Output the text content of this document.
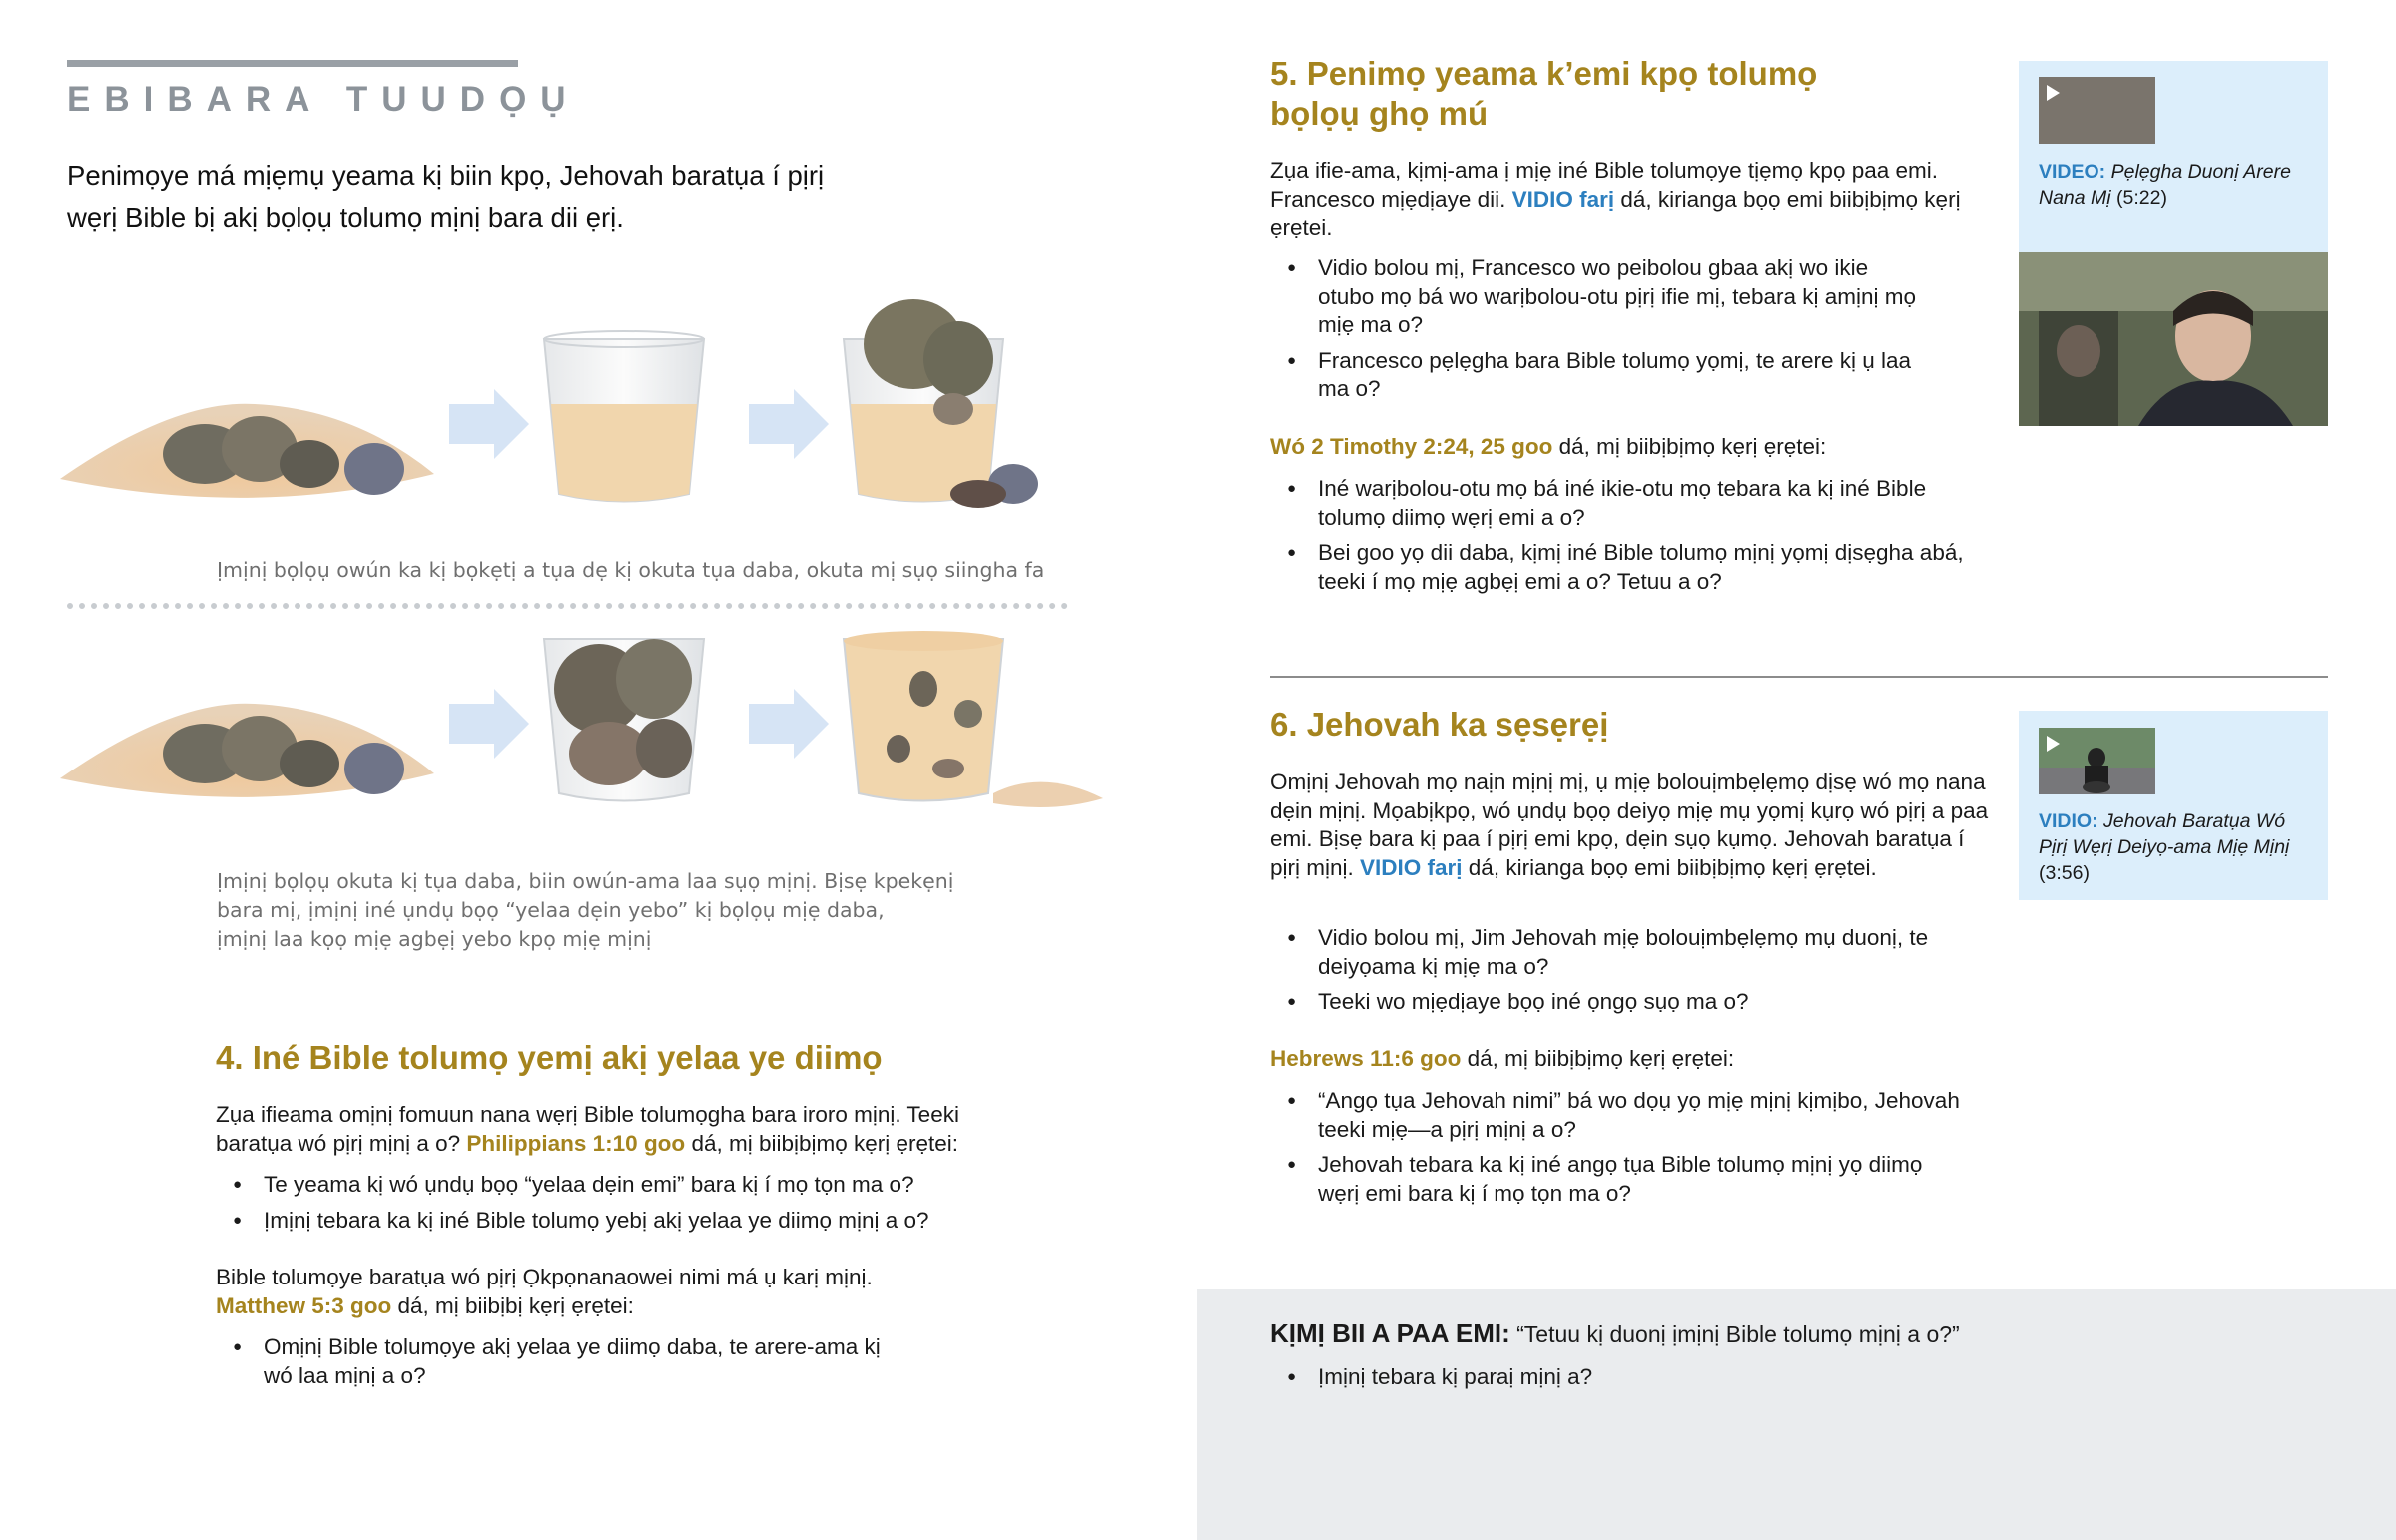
EBIBARA TUUDỌỤ
Penimọye má mịẹmụ yeama kị biin kpọ, Jehovah baratụa í pịrị wẹrị Bible bị akị bọlọụ tolumọ mịnị bara dii ẹrị.
Ịmịnị bọlọụ owún ka kị bọkẹtị a tụa dẹ kị okuta tụa daba, okuta mị sụọ siingha fa
Ịmịnị bọlọụ okuta kị tụa daba, biin owún-ama laa sụọ mịnị. Bịsẹ kpekẹnị
bara mị, ịmịnị iné ụndụ bọọ “yelaa dẹin yebo” kị bọlọụ mịẹ daba,
ịmịnị laa kọọ mịẹ agbẹị yebo kpọ mịẹ mịnị
4. Iné Bible tolumọ yemị akị yelaa ye diimọ
Zụa ifieama omịnị fomuun nana wẹrị Bible tolumọgha bara iroro mịnị. Teeki baratụa wó pịrị mịnị a o? Philippians 1:10 goo dá, mị biibịbịmọ kẹrị ẹrẹtei:
● Te yeama kị wó ụndụ bọọ “yelaa dẹin emi” bara kị í mọ tọn ma o?
● Ịmịnị tebara ka kị iné Bible tolumọ yebị akị yelaa ye diimọ mịnị a o?
Bible tolumọye baratụa wó pịrị Ọkpọnanaowei nimi má ụ karị mịnị.
Matthew 5:3 goo dá, mị biibịbị kẹrị ẹrẹtei:
● Omịnị Bible tolumọye akị yelaa ye diimọ daba, te arere-ama kị wó laa mịnị a o?
5. Penimọ yeama k’emi kpọ tolumọ bọlọụ ghọ mú
Zụa ifie-ama, kịmị-ama ị mịẹ iné Bible tolumọye tịẹmọ kpọ paa emi. Francesco mịẹdịaye dii. VIDIO farị dá, kirianga bọọ emi biibịbịmọ kẹrị ẹrẹtei.
● Vidio bolou mị, Francesco wo peibolou gbaa akị wo ikie otubo mọ bá wo warịbolou-otu pịrị ifie mị, tebara kị amịnị mọ mịẹ ma o?
● Francesco pẹlẹgha bara Bible tolumọ yọmị, te arere kị ụ laa ma o?
Wó 2 Timothy 2:24, 25 goo dá, mị biibịbịmọ kẹrị ẹrẹtei:
● Iné warịbolou-otu mọ bá iné ikie-otu mọ tebara ka kị iné Bible tolumọ diimọ wẹrị emi a o?
● Bei goo yọ dii daba, kịmị iné Bible tolumọ mịnị yọmị dịsẹgha abá, teeki í mọ mịẹ agbẹị emi a o? Tetuu a o?
VIDEO: Pẹlẹgha Duonị Arere Nana Mị (5:22)
6. Jehovah ka sẹsẹrẹị
Omịnị Jehovah mọ naịn mịnị mị, ụ mịẹ bolouịmbẹlẹmọ dịsẹ wó mọ nana dẹin mịnị. Mọabịkpọ, wó ụndụ bọọ deiyọ mịẹ mụ yọmị kụrọ wó pịrị a paa emi. Bịsẹ bara kị paa í pịrị emi kpọ, dẹin sụọ kụmọ. Jehovah baratụa í pịrị mịnị. VIDIO farị dá, kirianga bọọ emi biibịbịmọ kẹrị ẹrẹtei.
● Vidio bolou mị, Jim Jehovah mịẹ bolouịmbẹlẹmọ mụ duonị, te deiyọama kị mịẹ ma o?
● Teeki wo mịẹdịaye bọọ iné ọngọ sụọ ma o?
Hebrews 11:6 goo dá, mị biibịbịmọ kẹrị ẹrẹtei:
● “Angọ tụa Jehovah nimi” bá wo dọụ yọ mịẹ mịnị kịmịbo, Jehovah teeki mịẹ—a pịrị mịnị a o?
● Jehovah tebara ka kị iné angọ tụa Bible tolumọ mịnị yọ diimọ wẹrị emi bara kị í mọ tọn ma o?
VIDIO: Jehovah Baratụa Wó Pịrị Wẹrị Deiyọ-ama Mịẹ Mịnị (3:56)
KỊMỊ BII A PAA EMI: “Tetuu kị duonị ịmịnị Bible tolumọ mịnị a o?”
● Ịmịnị tebara kị paraị mịnị a?
